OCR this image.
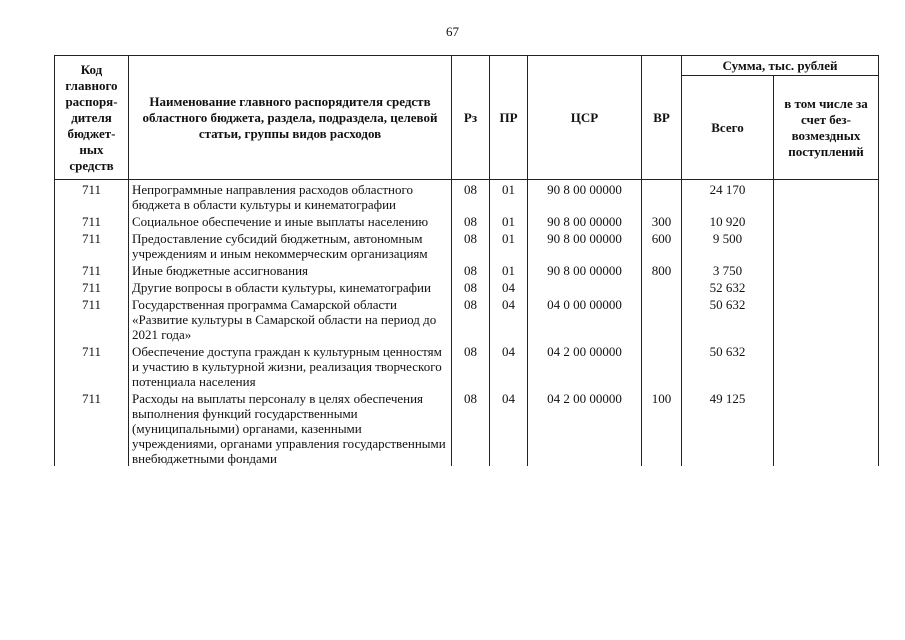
67
Код главного распоря-дителя бюджет-ных средств	Наименование главного распорядителя средств областного бюджета, раздела, подраздела, целевой статьи, группы видов расходов	Рз	ПР	ЦСР	ВР	Сумма, тыс. рублей	
						Всего	в том числе за счет без-возмездных поступлений
711	Непрограммные направления расходов областного бюджета в области культуры и кинематографии	08	01	90 8 00 00000		24 170	
711	Социальное обеспечение и иные выплаты населению	08	01	90 8 00 00000	300	10 920	
711	Предоставление субсидий бюджетным, автономным учреждениям и иным некоммерческим организациям	08	01	90 8 00 00000	600	9 500	
711	Иные бюджетные ассигнования	08	01	90 8 00 00000	800	3 750	
711	Другие вопросы в области культуры, кинематографии	08	04			52 632	
711	Государственная программа Самарской области «Развитие культуры в Самарской области на период до 2021 года»	08	04	04 0 00 00000		50 632	
711	Обеспечение доступа граждан к культурным ценностям и участию в культурной жизни, реализация творческого потенциала населения	08	04	04 2 00 00000		50 632	
711	Расходы на выплаты персоналу в целях обеспечения выполнения функций государственными (муниципальными) органами, казенными учреждениями, органами управления государственными внебюджетными фондами	08	04	04 2 00 00000	100	49 125	
